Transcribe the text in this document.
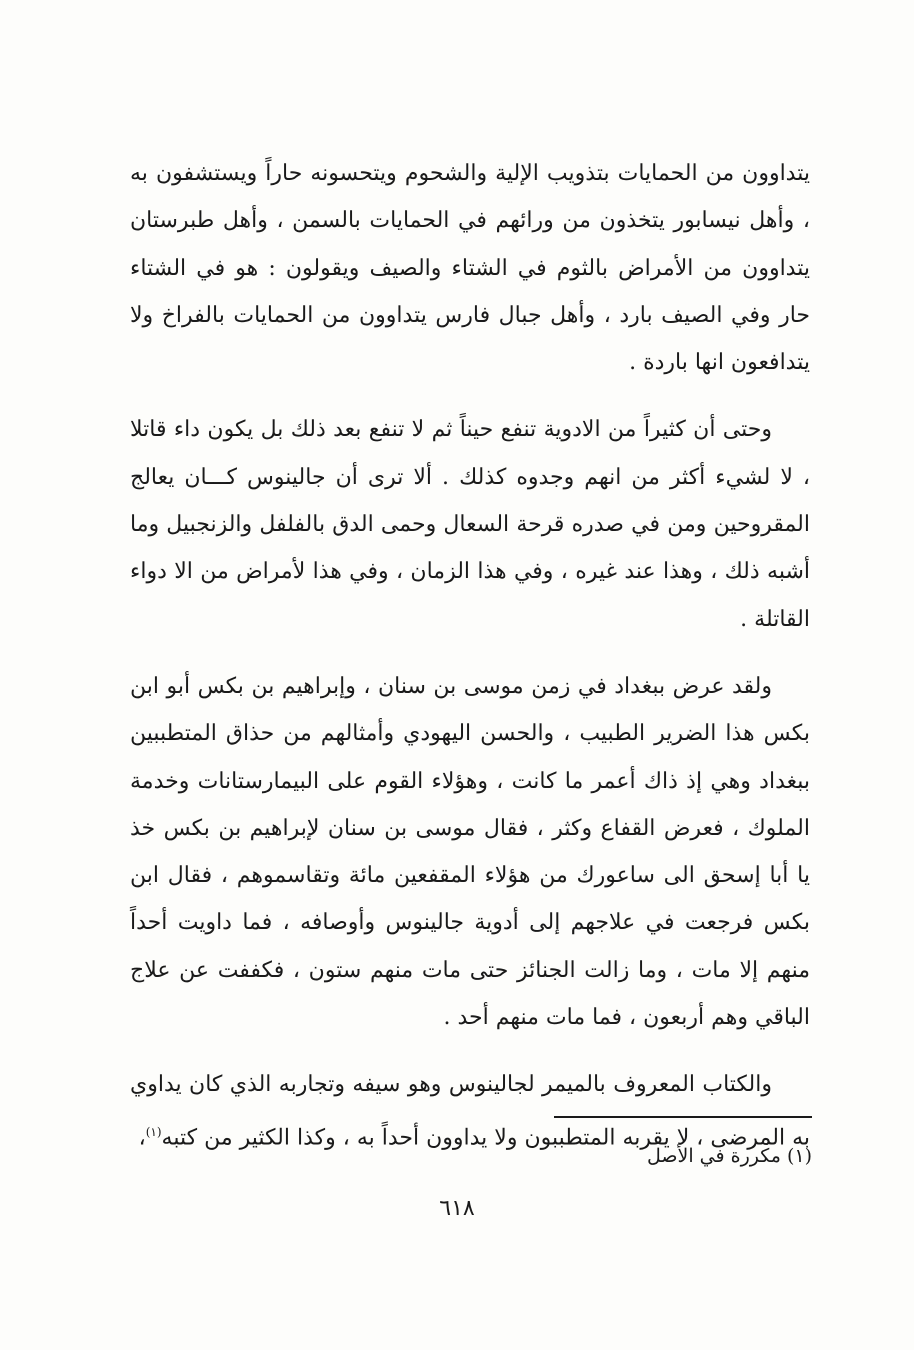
يتداوون من الحمايات بتذويب الإلية والشحوم ويتحسونه حاراً ويستشفون به ، وأهل نيسابور يتخذون من ورائهم في الحمايات بالسمن ، وأهل طبرستان يتداوون من الأمراض بالثوم في الشتاء والصيف ويقولون : هو في الشتاء حار وفي الصيف بارد ، وأهل جبال فارس يتداوون من الحمايات بالفراخ ولا يتدافعون انها باردة .

وحتى أن كثيراً من الادوية تنفع حيناً ثم لا تنفع بعد ذلك بل يكون داء قاتلا ، لا لشيء أكثر من انهم وجدوه كذلك . ألا ترى أن جالينوس كـــان يعالج المقروحين ومن في صدره قرحة السعال وحمى الدق بالفلفل والزنجبيل وما أشبه ذلك ، وهذا عند غيره ، وفي هذا الزمان ، وفي هذا لأمراض من الا دواء القاتلة .

ولقد عرض ببغداد في زمن موسى بن سنان ، وإبراهيم بن بكس أبو ابن بكس هذا الضرير الطبيب ، والحسن اليهودي وأمثالهم من حذاق المتطببين ببغداد وهي إذ ذاك أعمر ما كانت ، وهؤلاء القوم على البيمارستانات وخدمة الملوك ، فعرض القفاع وكثر ، فقال موسى بن سنان لإبراهيم بن بكس خذ يا أبا إسحق الى ساعورك من هؤلاء المقفعين مائة وتقاسموهم ، فقال ابن بكس فرجعت في علاجهم إلى أدوية جالينوس وأوصافه ، فما داويت أحداً منهم إلا مات ، وما زالت الجنائز حتى مات منهم ستون ، فكففت عن علاج الباقي وهم أربعون ، فما مات منهم أحد .

والكتاب المعروف بالميمر لجالينوس وهو سيفه وتجاربه الذي كان يداوي به المرضى ، لا يقربه المتطببون ولا يداوون أحداً به ، وكذا الكثير من كتبه$^{(١)}$،

(١) مكررة في الأصل
٦١٨
